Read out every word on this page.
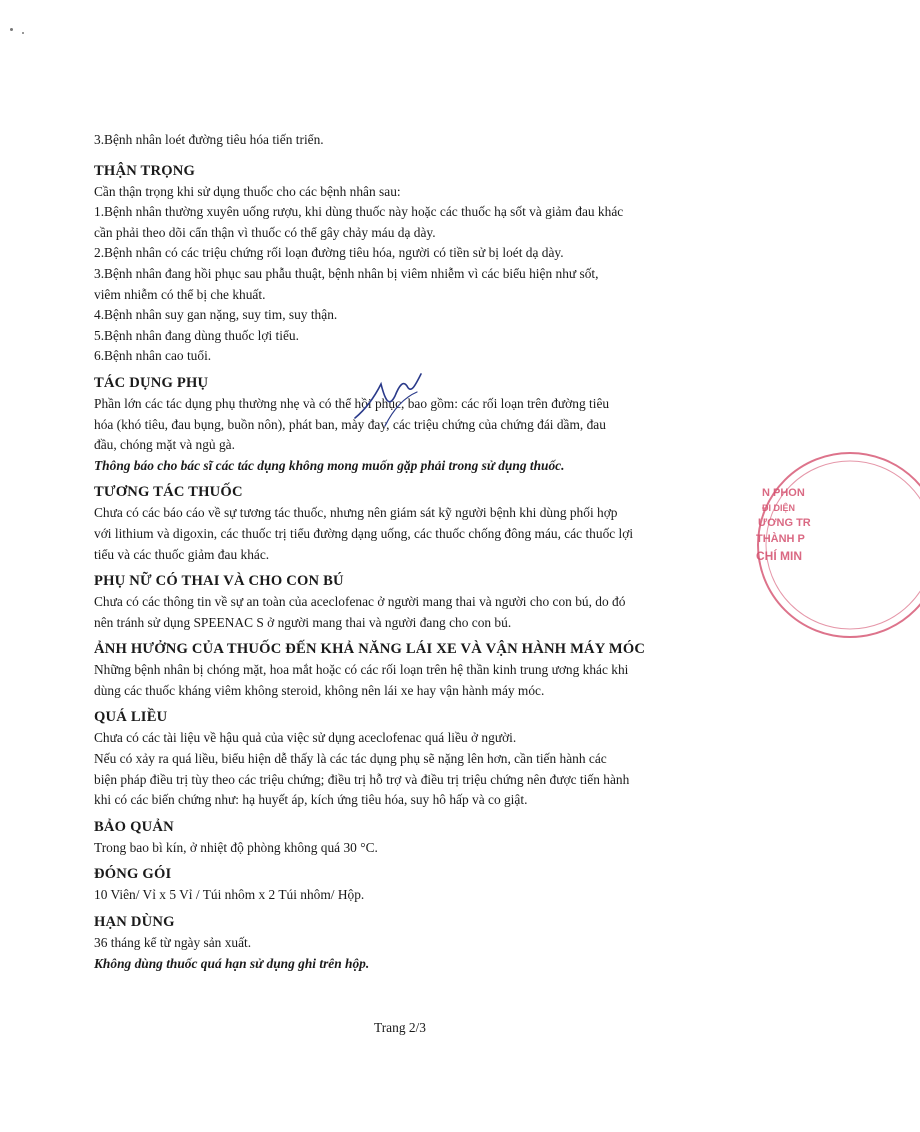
3.Bệnh nhân loét đường tiêu hóa tiến triển.

THẬN TRỌNG

Cần thận trọng khi sử dụng thuốc cho các bệnh nhân sau:

1.Bệnh nhân thường xuyên uống rượu, khi dùng thuốc này hoặc các thuốc hạ sốt và giảm đau khác

cần phải theo dõi cẩn thận vì thuốc có thể gây chảy máu dạ dày.

2.Bệnh nhân có các triệu chứng rối loạn đường tiêu hóa, người có tiền sử bị loét dạ dày.

3.Bệnh nhân đang hồi phục sau phẫu thuật, bệnh nhân bị viêm nhiễm vì các biểu hiện như sốt,

viêm nhiễm có thể bị che khuất.

4.Bệnh nhân suy gan nặng, suy tim, suy thận.

5.Bệnh nhân đang dùng thuốc lợi tiểu.

6.Bệnh nhân cao tuổi.

TÁC DỤNG PHỤ

Phần lớn các tác dụng phụ thường nhẹ và có thể hồi phục, bao gồm: các rối loạn trên đường tiêu

hóa (khó tiêu, đau bụng, buồn nôn), phát ban, mày đay, các triệu chứng của chứng đái dầm, đau

đầu, chóng mặt và ngủ gà.

Thông báo cho bác sĩ các tác dụng không mong muốn gặp phải trong sử dụng thuốc.

TƯƠNG TÁC THUỐC

Chưa có các báo cáo về sự tương tác thuốc, nhưng nên giám sát kỹ người bệnh khi dùng phối hợp

với lithium và digoxin, các thuốc trị tiểu đường dạng uống, các thuốc chống đông máu, các thuốc lợi

tiểu và các thuốc giảm đau khác.

PHỤ NỮ CÓ THAI VÀ CHO CON BÚ

Chưa có các thông tin về sự an toàn của aceclofenac ở người mang thai và người cho con bú, do đó

nên tránh sử dụng SPEENAC S ở người mang thai và người đang cho con bú.

ẢNH HƯỞNG CỦA THUỐC ĐẾN KHẢ NĂNG LÁI XE VÀ VẬN HÀNH MÁY MÓC

Những bệnh nhân bị chóng mặt, hoa mắt hoặc có các rối loạn trên hệ thần kinh trung ương khác khi

dùng các thuốc kháng viêm không steroid, không nên lái xe hay vận hành máy móc.

QUÁ LIỀU

Chưa có các tài liệu về hậu quả của việc sử dụng aceclofenac quá liều ở người.

Nếu có xảy ra quá liều, biểu hiện dễ thấy là các tác dụng phụ sẽ nặng lên hơn, cần tiến hành các

biện pháp điều trị tùy theo các triệu chứng; điều trị hỗ trợ và điều trị triệu chứng nên được tiến hành

khi có các biến chứng như: hạ huyết áp, kích ứng tiêu hóa, suy hô hấp và co giật.

BẢO QUẢN

Trong bao bì kín, ở nhiệt độ phòng không quá 30 °C.

ĐÓNG GÓI

10 Viên/ Vỉ x 5 Vỉ / Túi nhôm x 2 Túi nhôm/ Hộp.

HẠN DÙNG

36 tháng kể từ ngày sản xuất.

Không dùng thuốc quá hạn sử dụng ghi trên hộp.

Trang 2/3
N PHON
ĐI DIỆN
ƯƠNG TR
THÀNH P
CHÍ MIN
